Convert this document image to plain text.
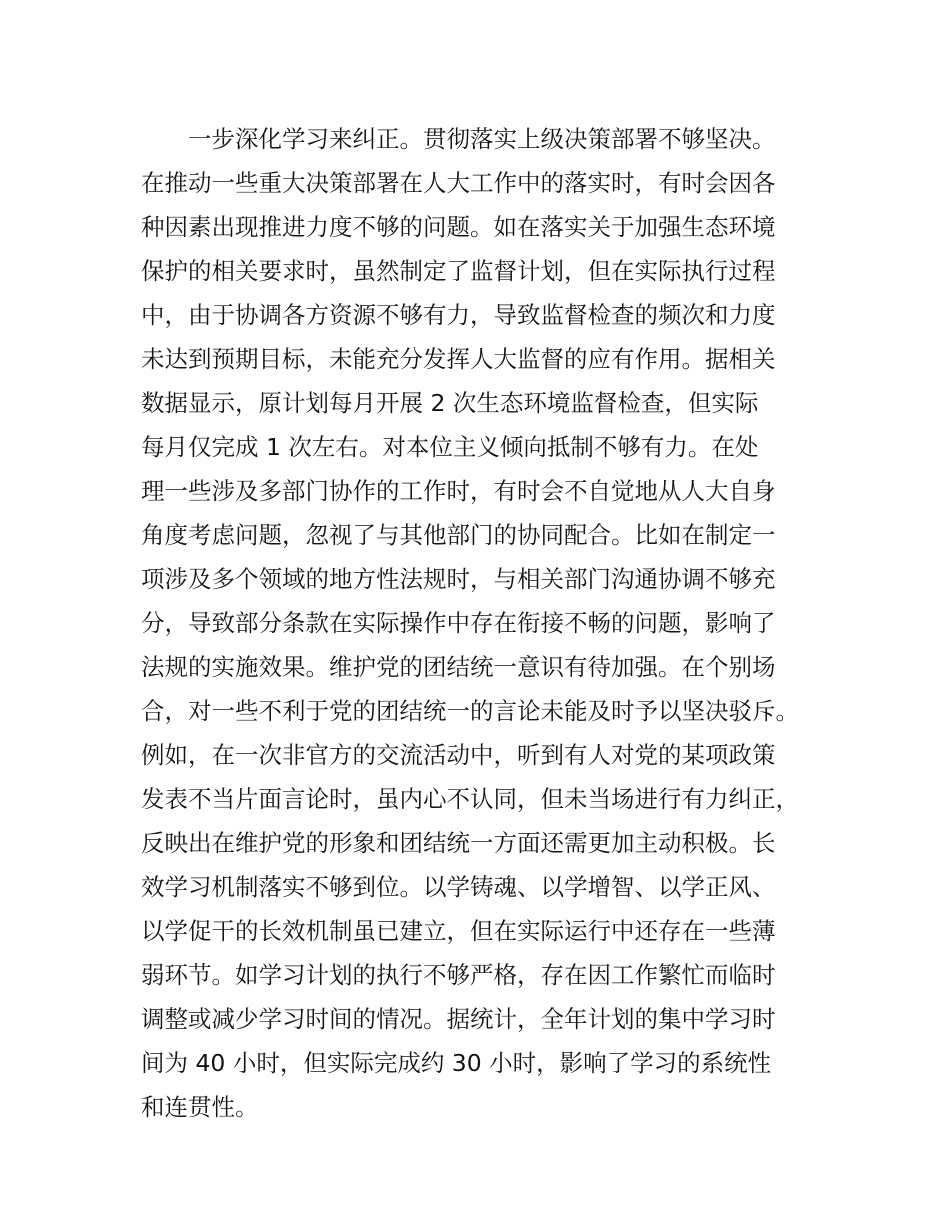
一步深化学习来纠正。贯彻落实上级决策部署不够坚决。
在推动一些重大决策部署在人大工作中的落实时，有时会因各
种因素出现推进力度不够的问题。如在落实关于加强生态环境
保护的相关要求时，虽然制定了监督计划，但在实际执行过程
中，由于协调各方资源不够有力，导致监督检查的频次和力度
未达到预期目标，未能充分发挥人大监督的应有作用。据相关
数据显示，原计划每月开展 2 次生态环境监督检查，但实际
每月仅完成 1 次左右。对本位主义倾向抵制不够有力。在处
理一些涉及多部门协作的工作时，有时会不自觉地从人大自身
角度考虑问题，忽视了与其他部门的协同配合。比如在制定一
项涉及多个领域的地方性法规时，与相关部门沟通协调不够充
分，导致部分条款在实际操作中存在衔接不畅的问题，影响了
法规的实施效果。维护党的团结统一意识有待加强。在个别场
合，对一些不利于党的团结统一的言论未能及时予以坚决驳斥。
例如，在一次非官方的交流活动中，听到有人对党的某项政策
发表不当片面言论时，虽内心不认同，但未当场进行有力纠正，
反映出在维护党的形象和团结统一方面还需更加主动积极。长
效学习机制落实不够到位。以学铸魂、以学增智、以学正风、
以学促干的长效机制虽已建立，但在实际运行中还存在一些薄
弱环节。如学习计划的执行不够严格，存在因工作繁忙而临时
调整或减少学习时间的情况。据统计，全年计划的集中学习时
间为 40 小时，但实际完成约 30 小时，影响了学习的系统性
和连贯性。
